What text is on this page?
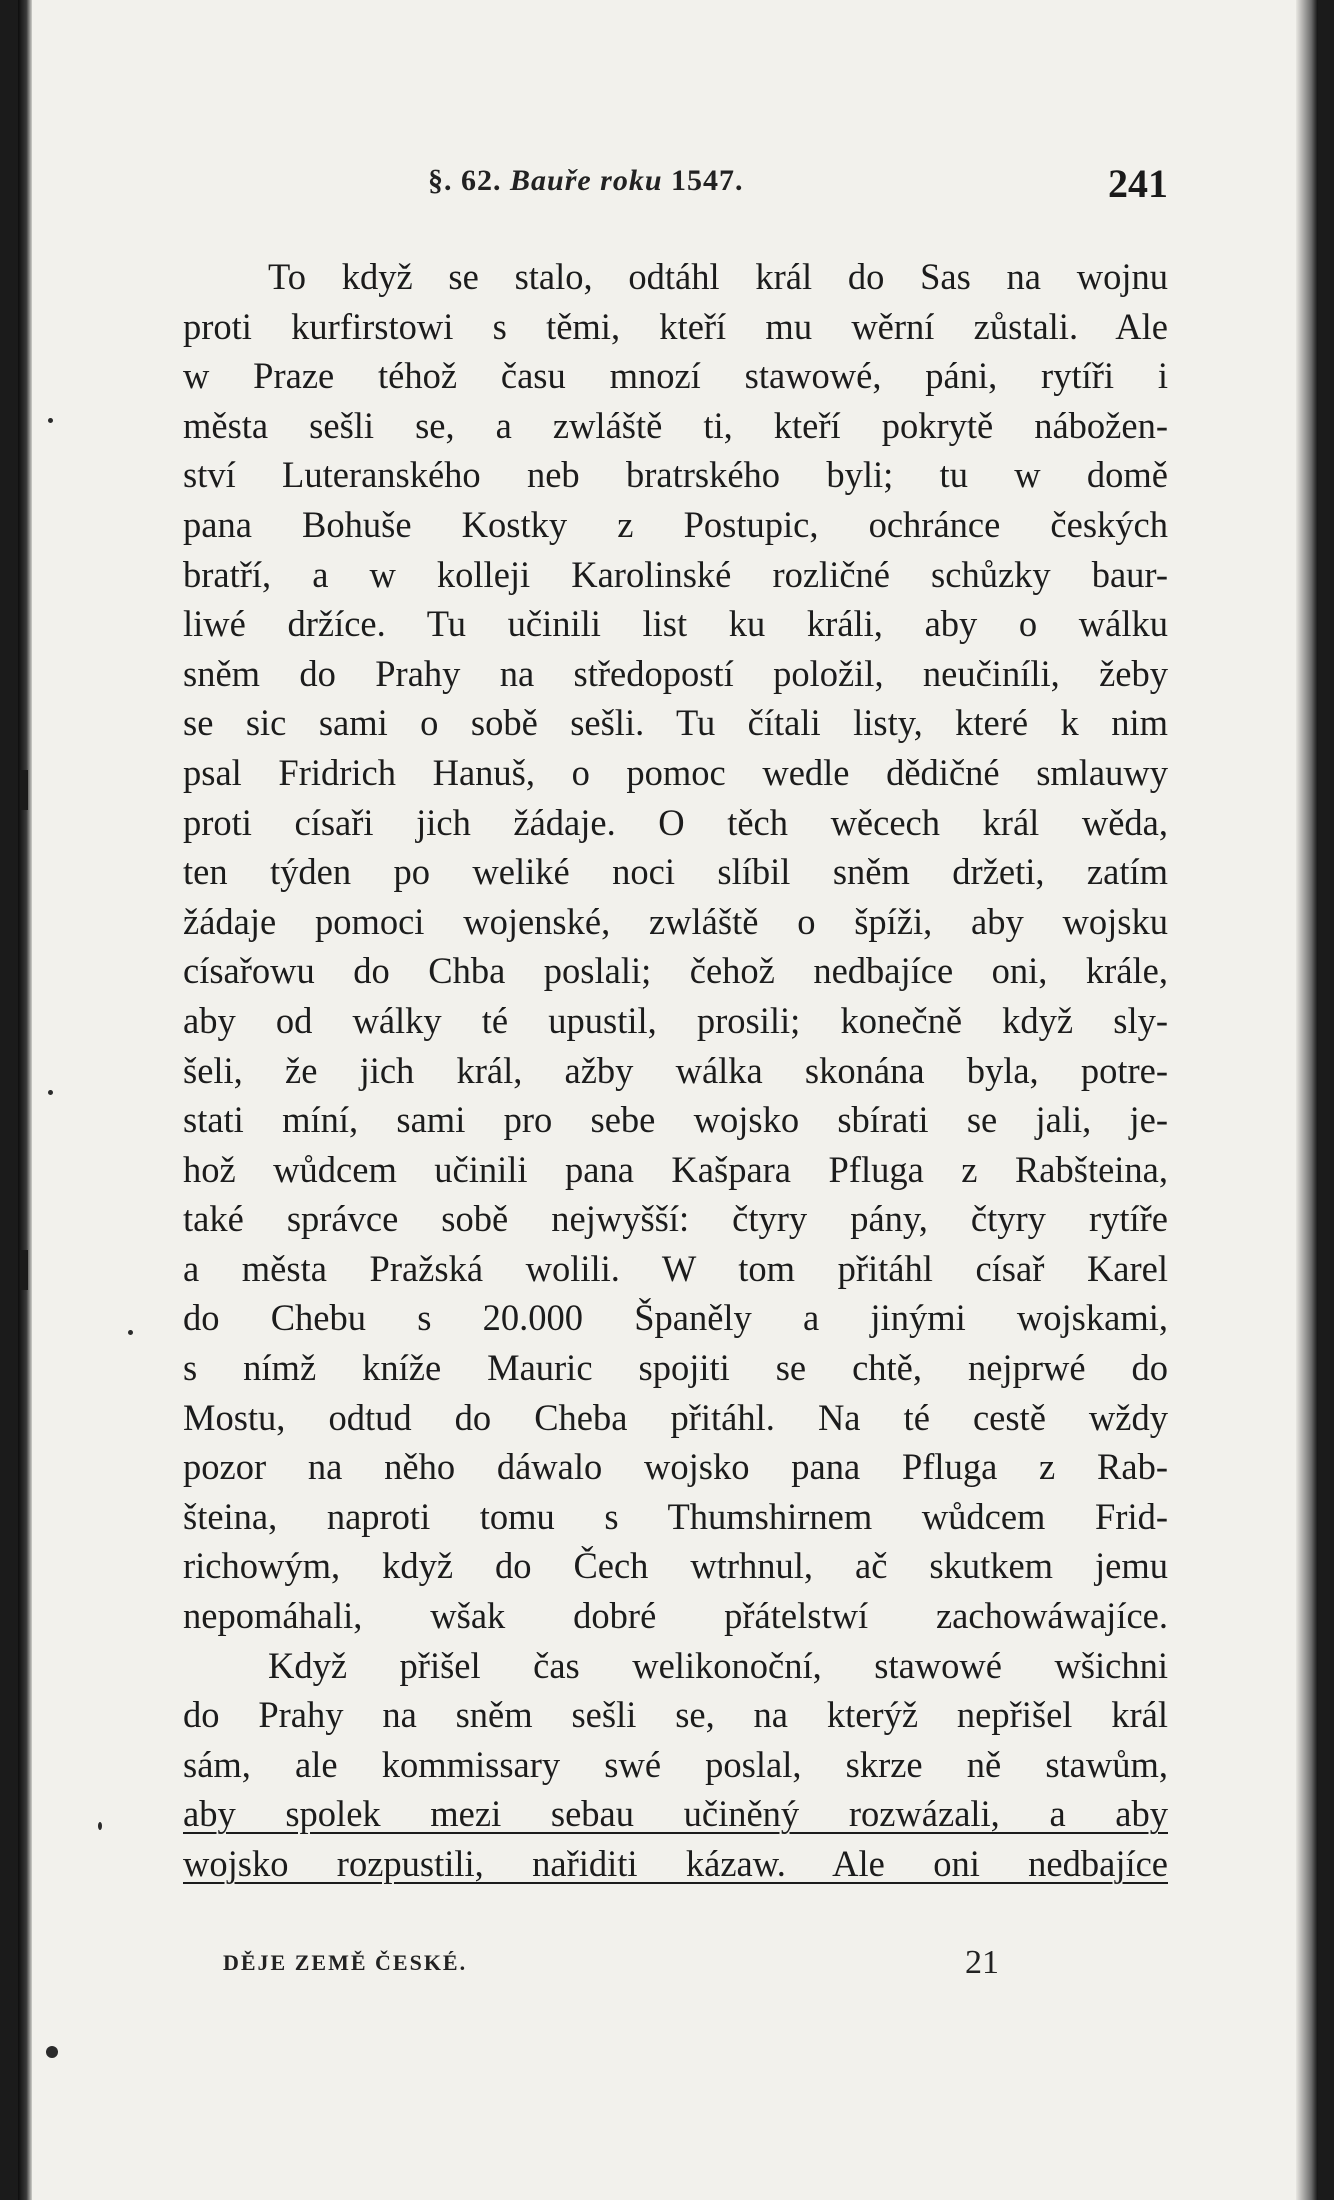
§. 62. Bauře roku 1547.	241
To když se stalo, odtáhl král do Sas na wojnu
proti kurfirstowi s těmi, kteří mu wěrní zůstali. Ale
w Praze téhož času mnozí stawowé, páni, rytíři i
města sešli se, a zwláště ti, kteří pokrytě nábožen-
ství Luteranského neb bratrského byli; tu w domě
pana Bohuše Kostky z Postupic, ochránce českých
bratří, a w kolleji Karolinské rozličné schůzky baur-
liwé držíce. Tu učinili list ku králi, aby o wálku
sněm do Prahy na středopostí položil, neučiníli, žeby
se sic sami o sobě sešli. Tu čítali listy, které k nim
psal Fridrich Hanuš, o pomoc wedle dědičné smlauwy
proti císaři jich žádaje. O těch wěcech král wěda,
ten týden po weliké noci slíbil sněm držeti, zatím
žádaje pomoci wojenské, zwláště o špíži, aby wojsku
císařowu do Chba poslali; čehož nedbajíce oni, krále,
aby od wálky té upustil, prosili; konečně když sly-
šeli, že jich král, ažby wálka skonána byla, potre-
stati míní, sami pro sebe wojsko sbírati se jali, je-
hož wůdcem učinili pana Kašpara Pfluga z Rabšteina,
také správce sobě nejwyšší: čtyry pány, čtyry rytíře
a města Pražská wolili. W tom přitáhl císař Karel
do Chebu s 20.000 Španěly a jinými wojskami,
s nímž kníže Mauric spojiti se chtě, nejprwé do
Mostu, odtud do Cheba přitáhl. Na té cestě wždy
pozor na něho dáwalo wojsko pana Pfluga z Rab-
šteina, naproti tomu s Thumshirnem wůdcem Frid-
richowým, když do Čech wtrhnul, ač skutkem jemu
nepomáhali, wšak dobré přátelstwí zachowáwajíce.
Když přišel čas welikonoční, stawowé wšichni
do Prahy na sněm sešli se, na kterýž nepřišel král
sám, ale kommissary swé poslal, skrze ně stawům,
aby spolek mezi sebau učiněný rozwázali, a aby
wojsko rozpustili, nařiditi kázaw. Ale oni nedbajíce
DĚJE ZEMĚ ČESKÉ.	21
